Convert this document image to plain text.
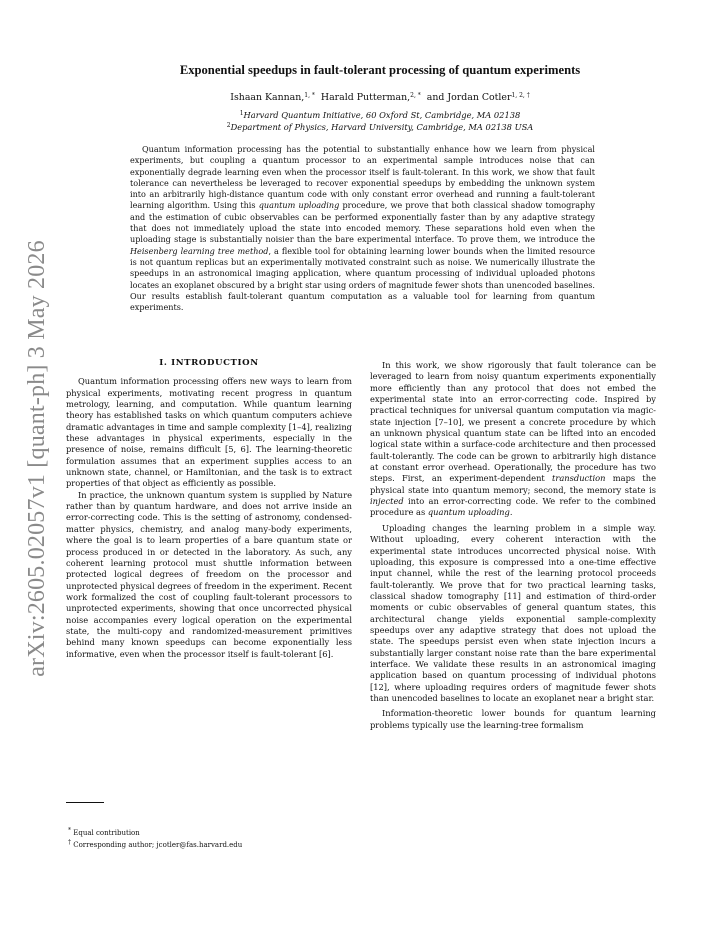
arXiv:2605.02057v1 [quant-ph] 3 May 2026
Exponential speedups in fault-tolerant processing of quantum experiments
Ishaan Kannan,$^{1, *}$ Harald Putterman,$^{2, *}$ and Jordan Cotler$^{1, 2, \dagger}$
$^1$Harvard Quantum Initiative, 60 Oxford St, Cambridge, MA 02138
$^2$Department of Physics, Harvard University, Cambridge, MA 02138 USA

Quantum information processing has the potential to substantially enhance how we learn from physical experiments, but coupling a quantum processor to an experimental sample introduces noise that can exponentially degrade learning even when the processor itself is fault-tolerant. In this work, we show that fault tolerance can nevertheless be leveraged to recover exponential speedups by embedding the unknown system into an arbitrarily high-distance quantum code with only constant error overhead and running a fault-tolerant learning algorithm. Using this quantum uploading procedure, we prove that both classical shadow tomography and the estimation of cubic observables can be performed exponentially faster than by any adaptive strategy that does not immediately upload the state into encoded memory. These separations hold even when the uploading stage is substantially noisier than the bare experimental interface. To prove them, we introduce the Heisenberg learning tree method, a flexible tool for obtaining learning lower bounds when the limited resource is not quantum replicas but an experimentally motivated constraint such as noise. We numerically illustrate the speedups in an astronomical imaging application, where quantum processing of individual uploaded photons locates an exoplanet obscured by a bright star using orders of magnitude fewer shots than unencoded baselines. Our results establish fault-tolerant quantum computation as a valuable tool for learning from quantum experiments.

I. INTRODUCTION

Quantum information processing offers new ways to learn from physical experiments, motivating recent progress in quantum metrology, learning, and computation. While quantum learning theory has established tasks on which quantum computers achieve dramatic advantages in time and sample complexity [1–4], realizing these advantages in physical experiments, especially in the presence of noise, remains difficult [5, 6]. The learning-theoretic formulation assumes that an experiment supplies access to an unknown state, channel, or Hamiltonian, and the task is to extract properties of that object as efficiently as possible.

In practice, the unknown quantum system is supplied by Nature rather than by quantum hardware, and does not arrive inside an error-correcting code. This is the setting of astronomy, condensed-matter physics, chemistry, and analog many-body experiments, where the goal is to learn properties of a bare quantum state or process produced in or detected in the laboratory. As such, any coherent learning protocol must shuttle information between protected logical degrees of freedom on the processor and unprotected physical degrees of freedom in the experiment. Recent work formalized the cost of coupling fault-tolerant processors to unprotected experiments, showing that once uncorrected physical noise accompanies every logical operation on the experimental state, the multi-copy and randomized-measurement primitives behind many known speedups can become exponentially less informative, even when the processor itself is fault-tolerant [6].

In this work, we show rigorously that fault tolerance can be leveraged to learn from noisy quantum experiments exponentially more efficiently than any protocol that does not embed the experimental state into an error-correcting code. Inspired by practical techniques for universal quantum computation via magic-state injection [7–10], we present a concrete procedure by which an unknown physical quantum state can be lifted into an encoded logical state within a surface-code architecture and then processed fault-tolerantly. The code can be grown to arbitrarily high distance at constant error overhead. Operationally, the procedure has two steps. First, an experiment-dependent transduction maps the physical state into quantum memory; second, the memory state is injected into an error-correcting code. We refer to the combined procedure as quantum uploading.

Uploading changes the learning problem in a simple way. Without uploading, every coherent interaction with the experimental state introduces uncorrected physical noise. With uploading, this exposure is compressed into a one-time effective input channel, while the rest of the learning protocol proceeds fault-tolerantly. We prove that for two practical learning tasks, classical shadow tomography [11] and estimation of third-order moments or cubic observables of general quantum states, this architectural change yields exponential sample-complexity speedups over any adaptive strategy that does not upload the state. The speedups persist even when state injection incurs a substantially larger constant noise rate than the bare experimental interface. We validate these results in an astronomical imaging application based on quantum processing of individual photons [12], where uploading requires orders of magnitude fewer shots than unencoded baselines to locate an exoplanet near a bright star.

Information-theoretic lower bounds for quantum learning problems typically use the learning-tree formalism

* Equal contribution
† Corresponding author; jcotler@fas.harvard.edu
